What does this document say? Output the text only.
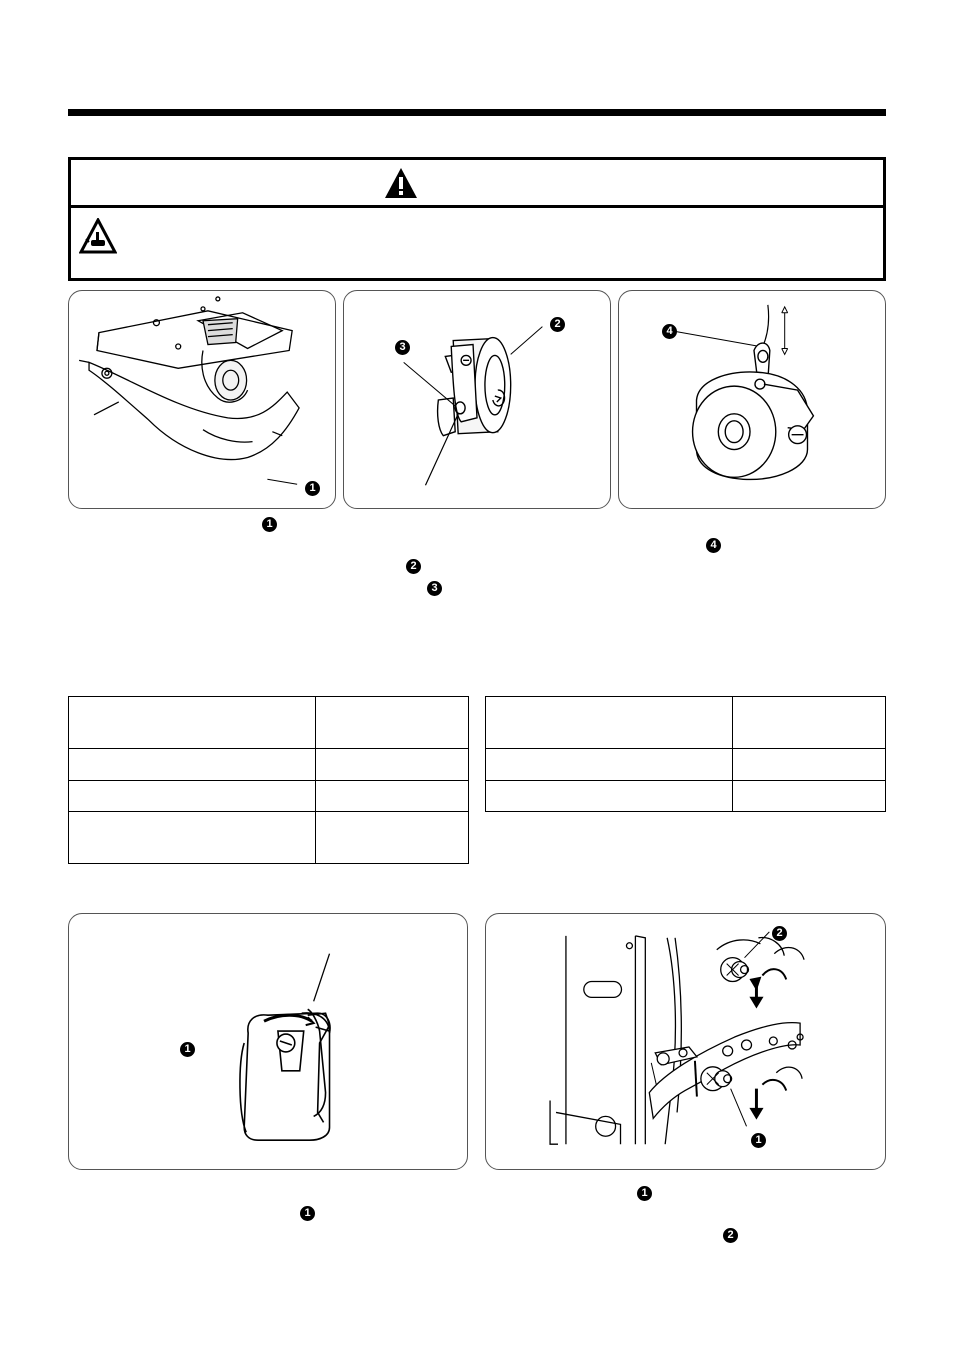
1
2
3
4
1
4
2
3

1
2
1
1
1
2
